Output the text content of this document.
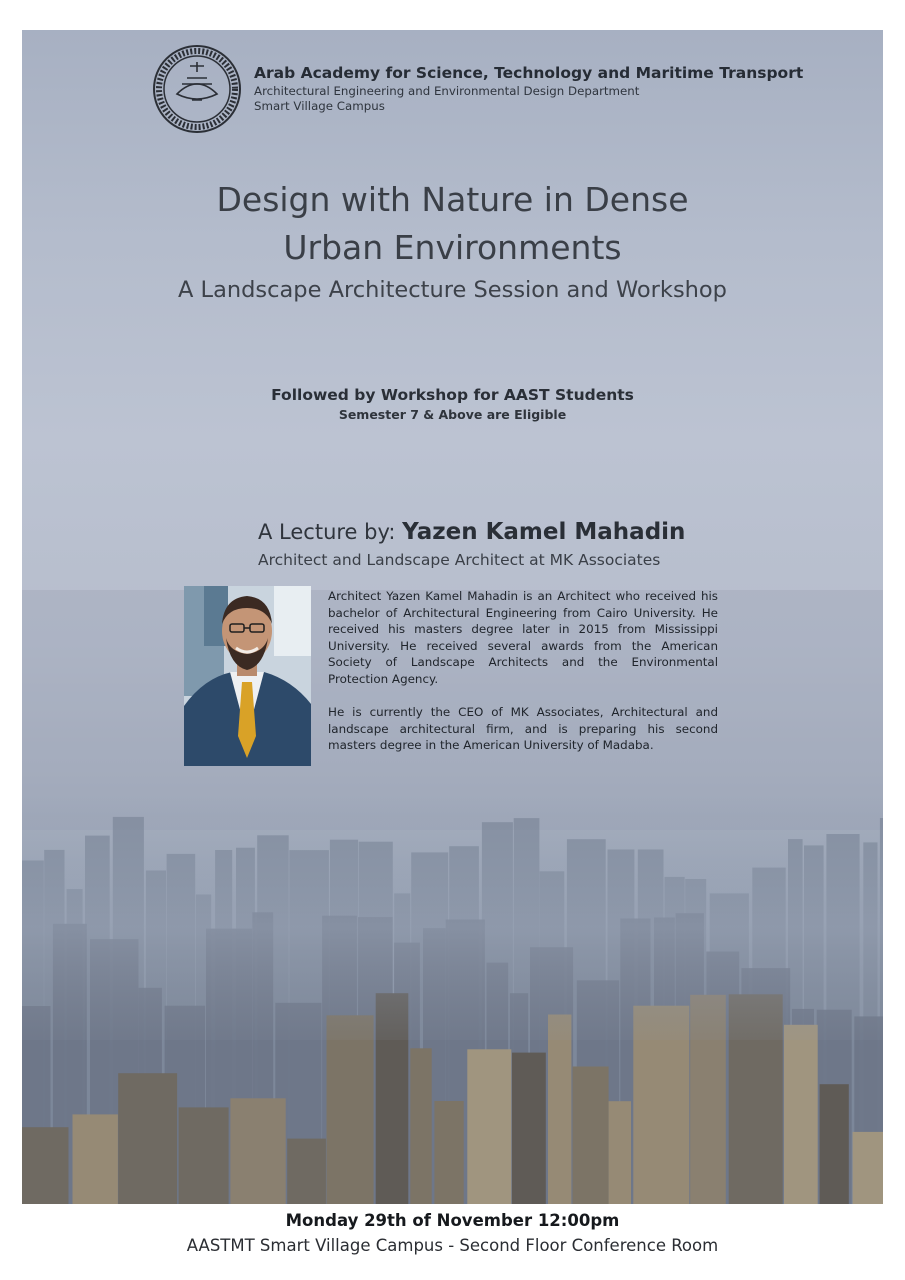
Arab Academy for Science, Technology and Maritime Transport
Architectural Engineering and Environmental Design Department
Smart Village Campus
Design with Nature in Dense
Urban Environments
A Landscape Architecture Session and Workshop
Followed by Workshop for AAST Students
Semester 7 & Above are Eligible
A Lecture by: Yazen Kamel Mahadin
Architect and Landscape Architect at MK Associates

Architect Yazen Kamel Mahadin is an Architect who received his bachelor of Architectural Engineering from Cairo University. He received his masters degree later in 2015 from Mississippi University. He received several awards from the American Society of Landscape Architects and the Environmental Protection Agency.

He is currently the CEO of MK Associates, Architectural and landscape architectural firm, and is preparing his second masters degree in the American University of Madaba.

Monday 29th of November 12:00pm
AASTMT Smart Village Campus - Second Floor Conference Room
